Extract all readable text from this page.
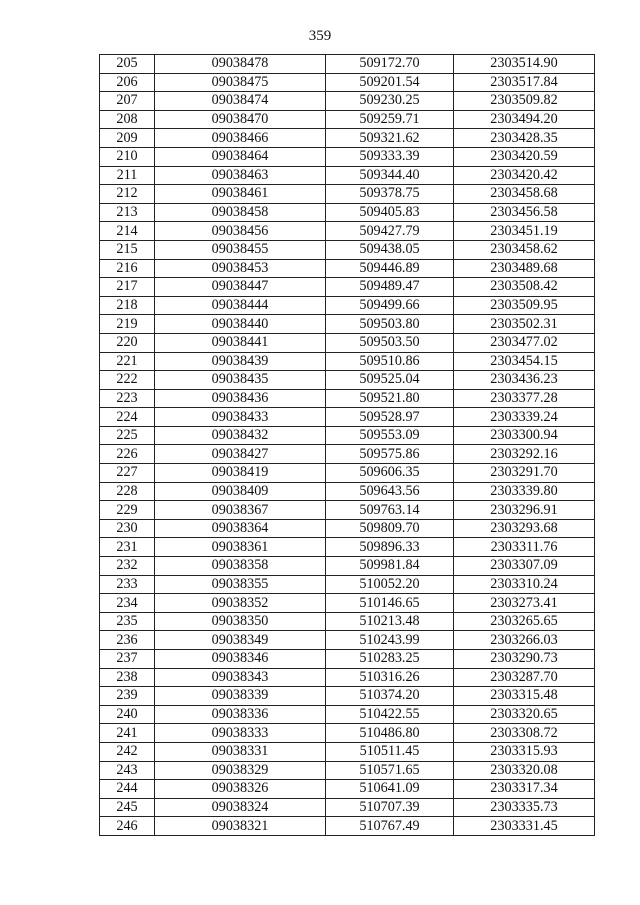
359
205	09038478	509172.70	2303514.90
206	09038475	509201.54	2303517.84
207	09038474	509230.25	2303509.82
208	09038470	509259.71	2303494.20
209	09038466	509321.62	2303428.35
210	09038464	509333.39	2303420.59
211	09038463	509344.40	2303420.42
212	09038461	509378.75	2303458.68
213	09038458	509405.83	2303456.58
214	09038456	509427.79	2303451.19
215	09038455	509438.05	2303458.62
216	09038453	509446.89	2303489.68
217	09038447	509489.47	2303508.42
218	09038444	509499.66	2303509.95
219	09038440	509503.80	2303502.31
220	09038441	509503.50	2303477.02
221	09038439	509510.86	2303454.15
222	09038435	509525.04	2303436.23
223	09038436	509521.80	2303377.28
224	09038433	509528.97	2303339.24
225	09038432	509553.09	2303300.94
226	09038427	509575.86	2303292.16
227	09038419	509606.35	2303291.70
228	09038409	509643.56	2303339.80
229	09038367	509763.14	2303296.91
230	09038364	509809.70	2303293.68
231	09038361	509896.33	2303311.76
232	09038358	509981.84	2303307.09
233	09038355	510052.20	2303310.24
234	09038352	510146.65	2303273.41
235	09038350	510213.48	2303265.65
236	09038349	510243.99	2303266.03
237	09038346	510283.25	2303290.73
238	09038343	510316.26	2303287.70
239	09038339	510374.20	2303315.48
240	09038336	510422.55	2303320.65
241	09038333	510486.80	2303308.72
242	09038331	510511.45	2303315.93
243	09038329	510571.65	2303320.08
244	09038326	510641.09	2303317.34
245	09038324	510707.39	2303335.73
246	09038321	510767.49	2303331.45
